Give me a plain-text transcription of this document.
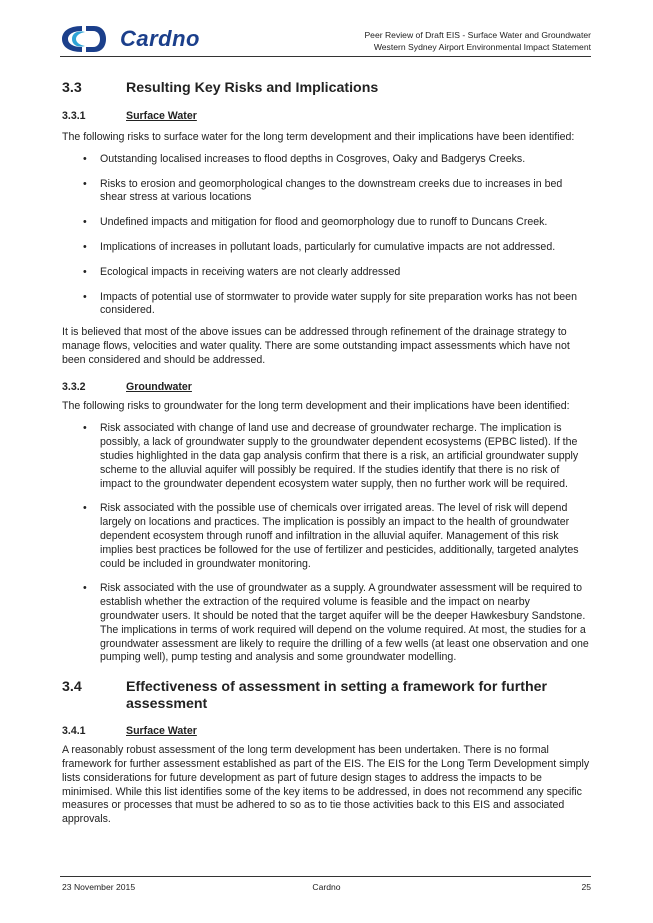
Cardno	Peer Review of Draft EIS - Surface Water and Groundwater
Western Sydney Airport Environmental Impact Statement
3.3	Resulting Key Risks and Implications
3.3.1	Surface Water

The following risks to surface water for the long term development and their implications have been identified:

• Outstanding localised increases to flood depths in Cosgroves, Oaky and Badgerys Creeks.
• Risks to erosion and geomorphological changes to the downstream creeks due to increases in bed shear stress at various locations
• Undefined impacts and mitigation for flood and geomorphology due to runoff to Duncans Creek.
• Implications of increases in pollutant loads, particularly for cumulative impacts are not addressed.
• Ecological impacts in receiving waters are not clearly addressed
• Impacts of potential use of stormwater to provide water supply for site preparation works has not been considered.

It is believed that most of the above issues can be addressed through refinement of the drainage strategy to manage flows, velocities and water quality. There are some outstanding impact assessments which have not been considered and should be addressed.

3.3.2	Groundwater

The following risks to groundwater for the long term development and their implications have been identified:

• Risk associated with change of land use and decrease of groundwater recharge. The implication is possibly, a lack of groundwater supply to the groundwater dependent ecosystems (EPBC listed). If the studies highlighted in the data gap analysis confirm that there is a risk, an artificial groundwater supply scheme to the alluvial aquifer will possibly be required. If the studies identify that there is no risk of impact to the groundwater dependent ecosystem water supply, then no further work will be required.
• Risk associated with the possible use of chemicals over irrigated areas. The level of risk will depend largely on locations and practices. The implication is possibly an impact to the health of groundwater dependent ecosystem through runoff and infiltration in the alluvial aquifer. Management of this risk implies best practices be followed for the use of fertilizer and pesticides, additionally, targeted analytes could be included in groundwater monitoring.
• Risk associated with the use of groundwater as a supply. A groundwater assessment will be required to establish whether the extraction of the required volume is feasible and the impact on nearby groundwater users. It should be noted that the target aquifer will be the deeper Hawkesbury Sandstone. The implications in terms of work required will depend on the volume required. At most, the studies for a groundwater assessment are likely to require the drilling of a few wells (at least one observation and one pumping well), pump testing and analysis and some groundwater modelling.
3.4	Effectiveness of assessment in setting a framework for further
assessment
3.4.1	Surface Water

A reasonably robust assessment of the long term development has been undertaken. There is no formal framework for further assessment established as part of the EIS. The EIS for the Long Term Development simply lists considerations for future development as part of future design stages to address the impacts to be minimised. While this list identifies some of the key items to be addressed, in does not recommend any specific measures or processes that must be adhered to so as to tie those activities back to this EIS and associated approvals.

23 November 2015	Cardno	25
